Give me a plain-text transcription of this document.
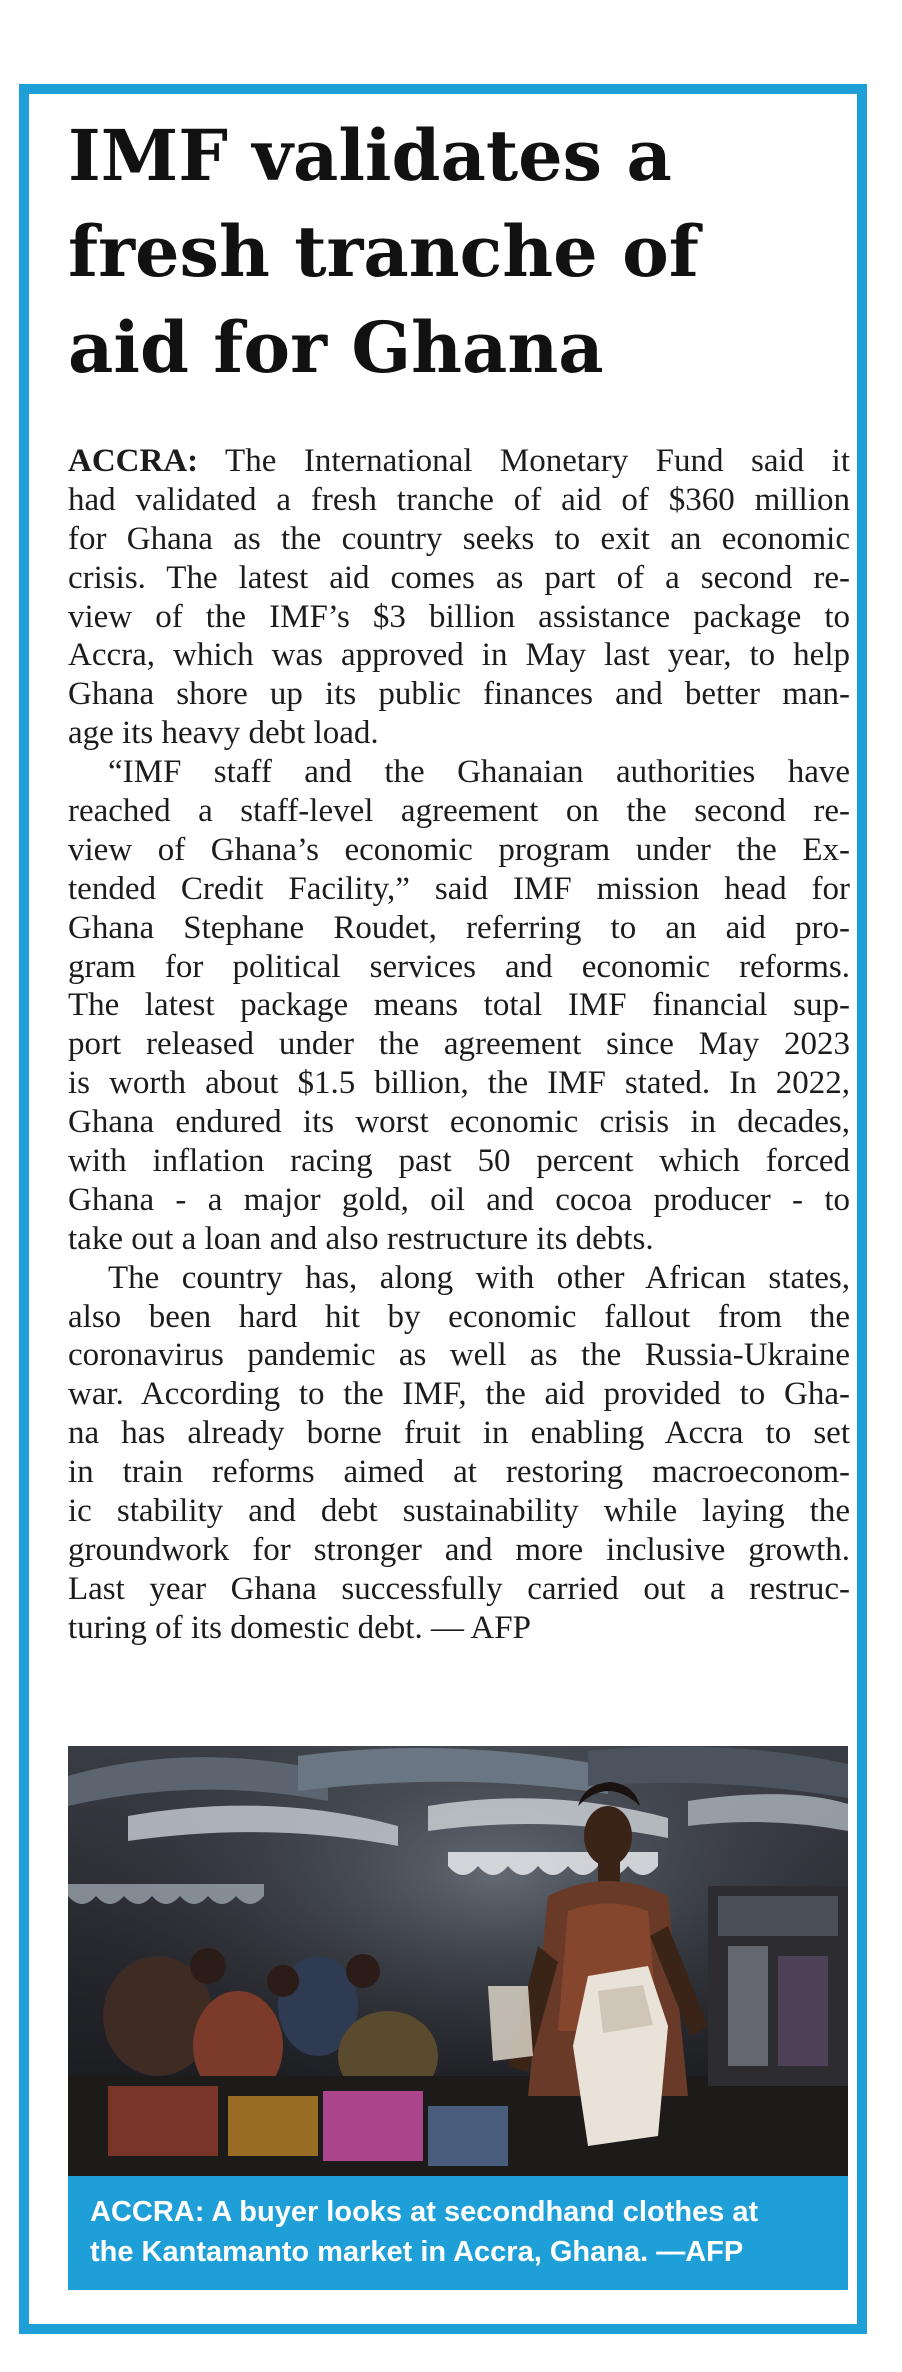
IMF validates a
fresh tranche of
aid for Ghana
ACCRA: The International Monetary Fund said it
had validated a fresh tranche of aid of $360 million
for Ghana as the country seeks to exit an economic
crisis. The latest aid comes as part of a second re-
view of the IMF’s $3 billion assistance package to
Accra, which was approved in May last year, to help
Ghana shore up its public finances and better man-
age its heavy debt load.
“IMF staff and the Ghanaian authorities have
reached a staff-level agreement on the second re-
view of Ghana’s economic program under the Ex-
tended Credit Facility,” said IMF mission head for
Ghana Stephane Roudet, referring to an aid pro-
gram for political services and economic reforms.
The latest package means total IMF financial sup-
port released under the agreement since May 2023
is worth about $1.5 billion, the IMF stated. In 2022,
Ghana endured its worst economic crisis in decades,
with inflation racing past 50 percent which forced
Ghana - a major gold, oil and cocoa producer - to
take out a loan and also restructure its debts.
The country has, along with other African states,
also been hard hit by economic fallout from the
coronavirus pandemic as well as the Russia-Ukraine
war. According to the IMF, the aid provided to Gha-
na has already borne fruit in enabling Accra to set
in train reforms aimed at restoring macroeconom-
ic stability and debt sustainability while laying the
groundwork for stronger and more inclusive growth.
Last year Ghana successfully carried out a restruc-
turing of its domestic debt. — AFP
ACCRA: A buyer looks at secondhand clothes at
the Kantamanto market in Accra, Ghana. —AFP
